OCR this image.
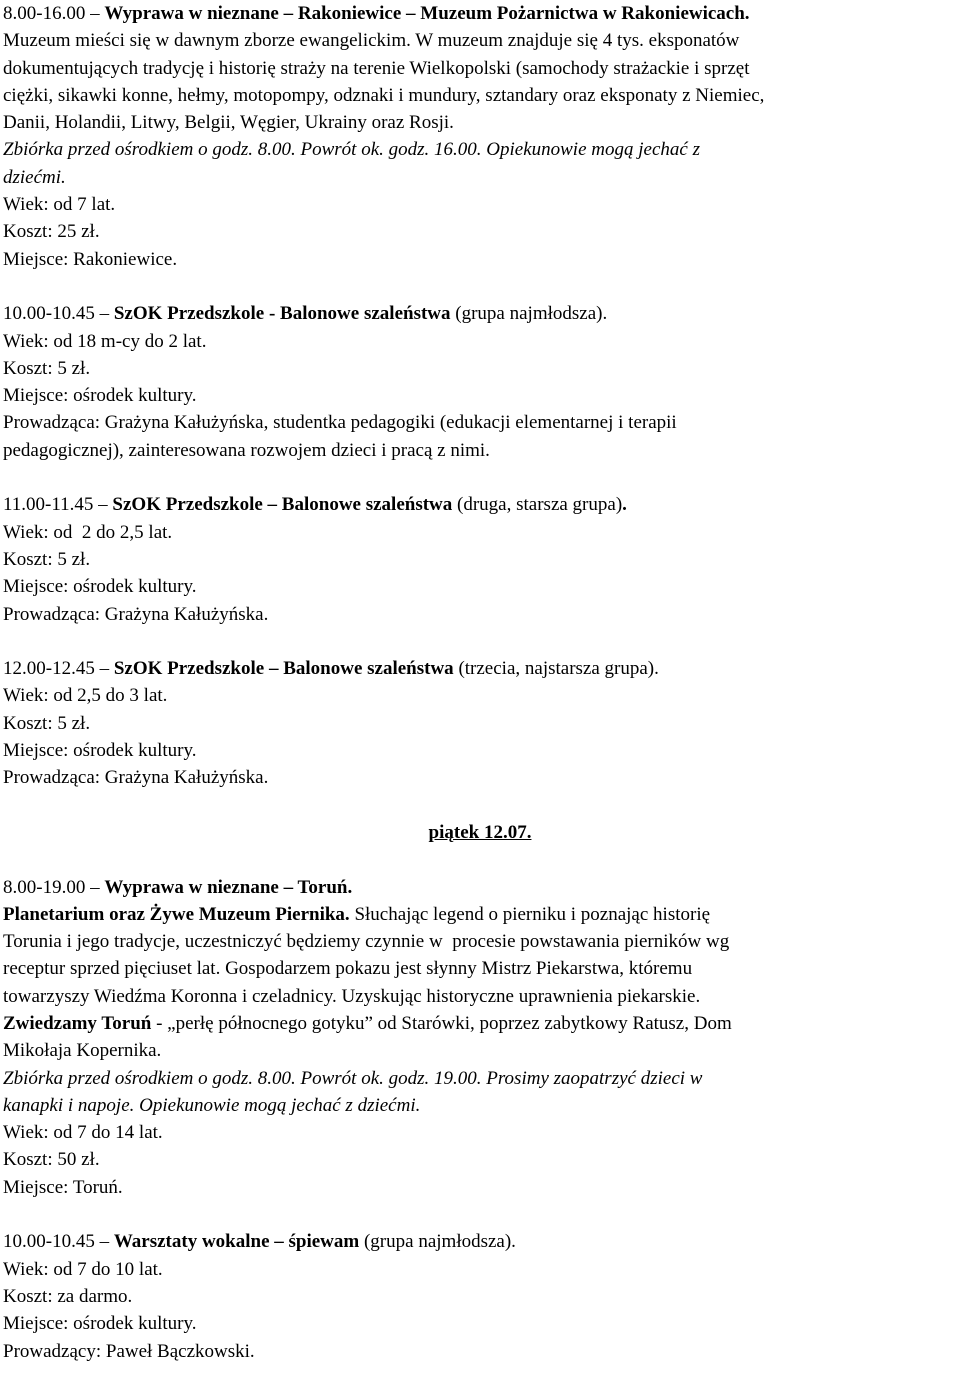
8.00-16.00 – Wyprawa w nieznane – Rakoniewice – Muzeum Pożarnictwa w Rakoniewicach.
Muzeum mieści się w dawnym zborze ewangelickim. W muzeum znajduje się 4 tys. eksponatów
dokumentujących tradycję i historię straży na terenie Wielkopolski (samochody strażackie i sprzęt
ciężki, sikawki konne, hełmy, motopompy, odznaki i mundury, sztandary oraz eksponaty z Niemiec,
Danii, Holandii, Litwy, Belgii, Węgier, Ukrainy oraz Rosji.
Zbiórka przed ośrodkiem o godz. 8.00. Powrót ok. godz. 16.00. Opiekunowie mogą jechać z
dziećmi.
Wiek: od 7 lat.
Koszt: 25 zł.
Miejsce: Rakoniewice.
10.00-10.45 – SzOK Przedszkole - Balonowe szaleństwa (grupa najmłodsza).
Wiek: od 18 m-cy do 2 lat.
Koszt: 5 zł.
Miejsce: ośrodek kultury.
Prowadząca: Grażyna Kałużyńska, studentka pedagogiki (edukacji elementarnej i terapii
pedagogicznej), zainteresowana rozwojem dzieci i pracą z nimi.
11.00-11.45 – SzOK Przedszkole – Balonowe szaleństwa (druga, starsza grupa).
Wiek: od  2 do 2,5 lat.
Koszt: 5 zł.
Miejsce: ośrodek kultury.
Prowadząca: Grażyna Kałużyńska.
12.00-12.45 – SzOK Przedszkole – Balonowe szaleństwa (trzecia, najstarsza grupa).
Wiek: od 2,5 do 3 lat.
Koszt: 5 zł.
Miejsce: ośrodek kultury.
Prowadząca: Grażyna Kałużyńska.
piątek 12.07.
8.00-19.00 – Wyprawa w nieznane – Toruń.
Planetarium oraz Żywe Muzeum Piernika. Słuchając legend o pierniku i poznając historię
Torunia i jego tradycje, uczestniczyć będziemy czynnie w  procesie powstawania pierników wg
receptur sprzed pięciuset lat. Gospodarzem pokazu jest słynny Mistrz Piekarstwa, któremu
towarzyszy Wiedźma Koronna i czeladnicy. Uzyskując historyczne uprawnienia piekarskie.
Zwiedzamy Toruń - „perłę północnego gotyku” od Starówki, poprzez zabytkowy Ratusz, Dom
Mikołaja Kopernika.
Zbiórka przed ośrodkiem o godz. 8.00. Powrót ok. godz. 19.00. Prosimy zaopatrzyć dzieci w
kanapki i napoje. Opiekunowie mogą jechać z dziećmi.
Wiek: od 7 do 14 lat.
Koszt: 50 zł.
Miejsce: Toruń.
10.00-10.45 – Warsztaty wokalne – śpiewam (grupa najmłodsza).
Wiek: od 7 do 10 lat.
Koszt: za darmo.
Miejsce: ośrodek kultury.
Prowadzący: Paweł Bączkowski.
